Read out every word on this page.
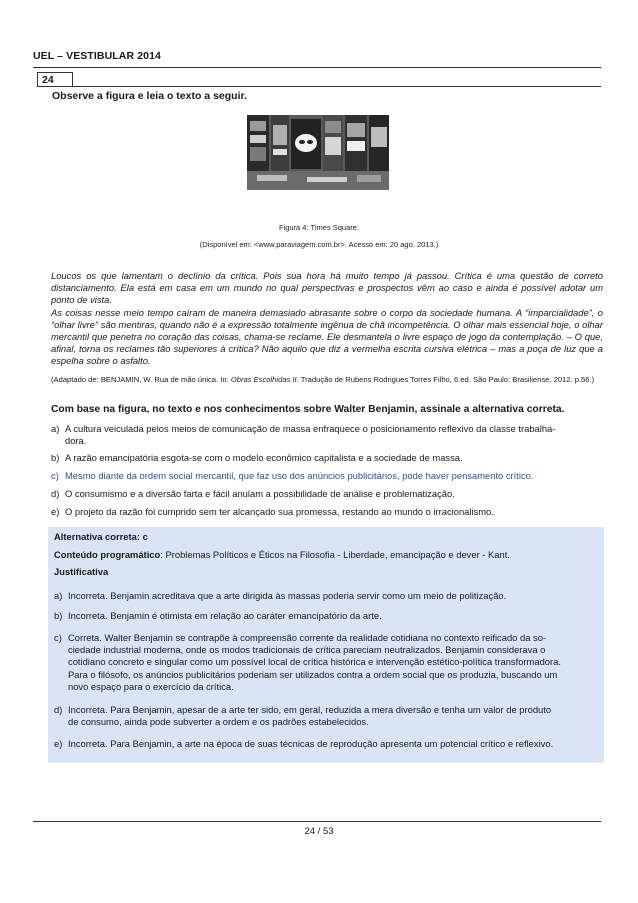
UEL – VESTIBULAR 2014
24
Observe a figura e leia o texto a seguir.
Figura 4: Times Square.
(Disponível em: <www.paraviagem.com.br>. Acesso em: 20 ago. 2013.)

Loucos os que lamentam o declínio da crítica. Pois sua hora há muito tempo já passou. Crítica é uma questão de correto distanciamento. Ela está em casa em um mundo no qual perspectivas e prospectos vêm ao caso e ainda é possível adotar um ponto de vista.

As coisas nesse meio tempo caíram de maneira demasiado abrasante sobre o corpo da sociedade humana. A “imparcialidade”, o “olhar livre” são mentiras, quando não é a expressão totalmente ingênua de chã incompetência. O olhar mais essencial hoje, o olhar mercantil que penetra no coração das coisas, chama-se reclame. Ele desmantela o livre espaço de jogo da contemplação. – O que, afinal, torna os reclames tão superiores à crítica? Não aquilo que diz a vermelha escrita cursiva elétrica – mas a poça de luz que a espelha sobre o asfalto.

(Adaptado de: BENJAMIN, W. Rua de mão única. In: Obras Escolhidas II. Tradução de Rubens Rodrigues Torres Filho, 6.ed. São Paulo: Brasiliense, 2012. p.56.)
Com base na figura, no texto e nos conhecimentos sobre Walter Benjamin, assinale a alternativa correta.
a) A cultura veiculada pelos meios de comunicação de massa enfraquece o posicionamento reflexivo da classe trabalha-
dora.
b) A razão emancipatória esgota-se com o modelo econômico capitalista e a sociedade de massa.
c) Mesmo diante da ordem social mercantil, que faz uso dos anúncios publicitários, pode haver pensamento crítico.
d) O consumismo e a diversão farta e fácil anulam a possibilidade de análise e problematização.
e) O projeto da razão foi cumprido sem ter alcançado sua promessa, restando ao mundo o irracionalismo.
Alternativa correta: c
Conteúdo programático: Problemas Políticos e Éticos na Filosofia - Liberdade, emancipação e dever - Kant.
Justificativa
a) Incorreta. Benjamin acreditava que a arte dirigida às massas poderia servir como um meio de politização.
b) Incorreta. Benjamin é otimista em relação ao caráter emancipatório da arte.
c) Correta. Walter Benjamin se contrapõe à compreensão corrente da realidade cotidiana no contexto reificado da so-
ciedade industrial moderna, onde os modos tradicionais de crítica pareciam neutralizados. Benjamin considerava o
cotidiano concreto e singular como um possível local de crítica histórica e intervenção estético-política transformadora.
Para o filósofo, os anúncios publicitários poderiam ser utilizados contra a ordem social que os produzia, buscando um
novo espaço para o exercício da crítica.
d) Incorreta. Para Benjamin, apesar de a arte ter sido, em geral, reduzida a mera diversão e tenha um valor de produto
de consumo, ainda pode subverter a ordem e os padrões estabelecidos.
e) Incorreta. Para Benjamin, a arte na época de suas técnicas de reprodução apresenta um potencial crítico e reflexivo.
24 / 53
